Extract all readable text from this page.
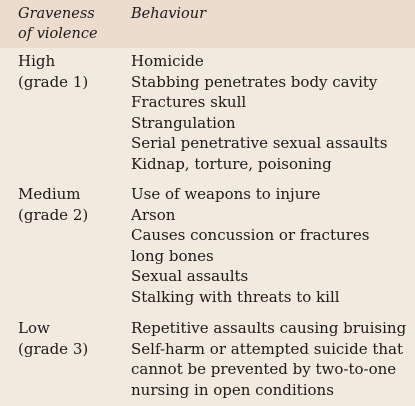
Graveness
of violence
Behaviour
High
(grade 1)
Homicide
Stabbing penetrates body cavity
Fractures skull
Strangulation
Serial penetrative sexual assaults
Kidnap, torture, poisoning
Medium
(grade 2)
Use of weapons to injure
Arson
Causes concussion or fractures
long bones
Sexual assaults
Stalking with threats to kill
Low
(grade 3)
Repetitive assaults causing bruising
Self-harm or attempted suicide that
cannot be prevented by two-to-one
nursing in open conditions
